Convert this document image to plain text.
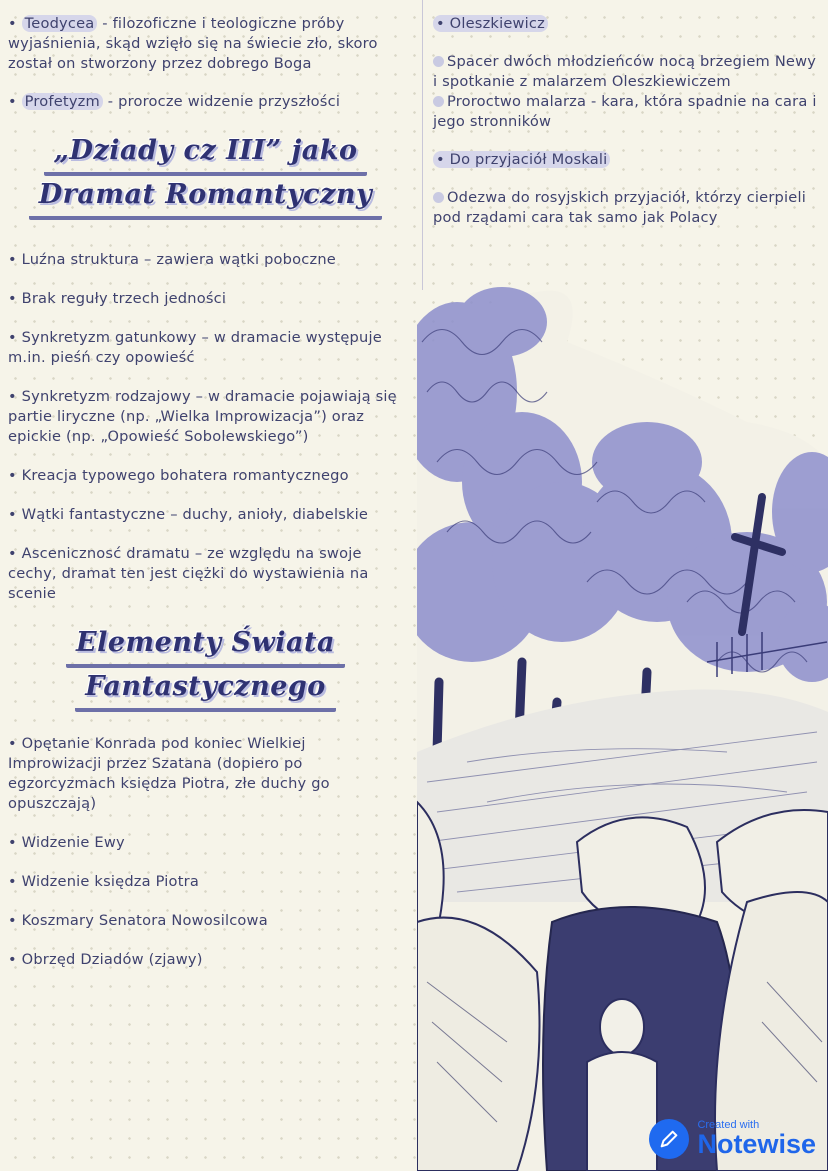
• Teodycea - filozoficzne i teologiczne próby wyjaśnienia, skąd wzięło się na świecie zło, skoro został on stworzony przez dobrego Boga

• Profetyzm - prorocze widzenie przyszłości

„Dziady cz III” jako
Dramat Romantyczny

• Luźna struktura – zawiera wątki poboczne

• Brak reguły trzech jedności

• Synkretyzm gatunkowy – w dramacie występuje m.in. pieśń czy opowieść

• Synkretyzm rodzajowy – w dramacie pojawiają się partie liryczne (np. „Wielka Improwizacja”) oraz epickie (np. „Opowieść Sobolewskiego”)

• Kreacja typowego bohatera romantycznego

• Wątki fantastyczne – duchy, anioły, diabelskie

• Ascenicznosć dramatu – ze względu na swoje cechy, dramat ten jest ciężki do wystawienia na scenie

Elementy Świata
Fantastycznego

• Opętanie Konrada pod koniec Wielkiej Improwizacji przez Szatana (dopiero po egzorcyzmach księdza Piotra, złe duchy go opuszczają)

• Widzenie Ewy

• Widzenie księdza Piotra

• Koszmary Senatora Nowosilcowa

• Obrzęd Dziadów (zjawy)

• Oleszkiewicz

Spacer dwóch młodzieńców nocą brzegiem Newy i spotkanie z malarzem Oleszkiewiczem

Proroctwo malarza - kara, która spadnie na cara i jego stronników

• Do przyjaciół Moskali

Odezwa do rosyjskich przyjaciół, którzy cierpieli pod rządami cara tak samo jak Polacy

Created with
Notewise
